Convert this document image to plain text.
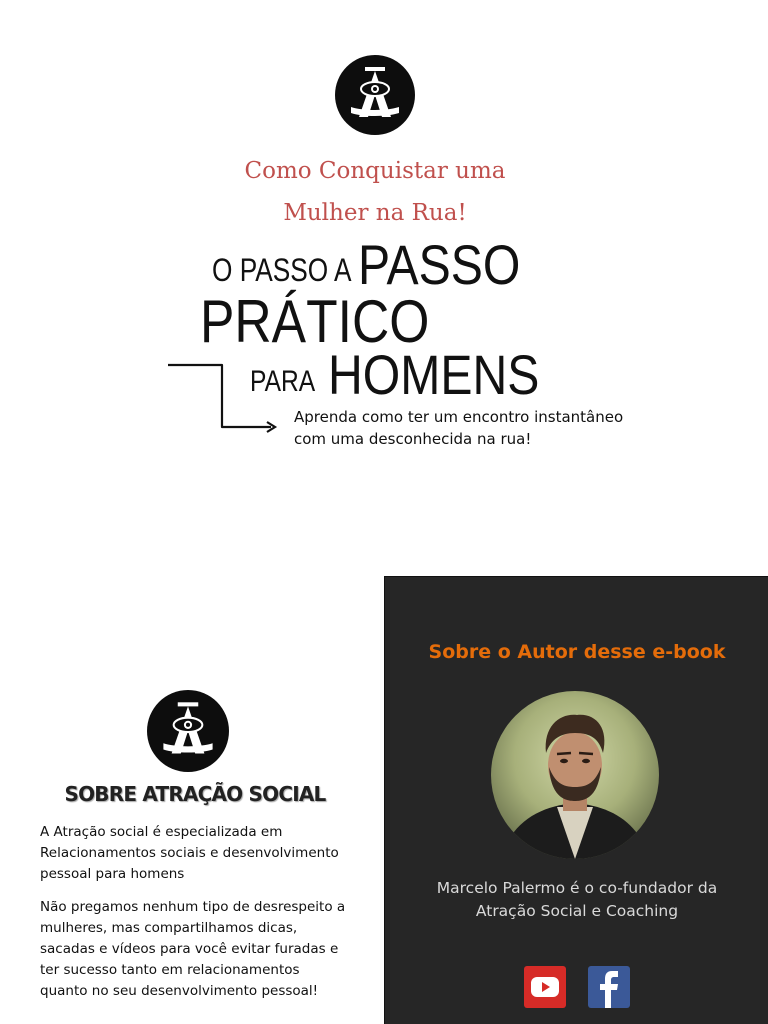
Como Conquistar uma
Mulher na Rua!
O PASSO A PASSO
PRÁTICO
PARA HOMENS
Aprenda como ter um encontro instantâneo
com uma desconhecida na rua!
SOBRE ATRAÇÃO SOCIAL
A Atração social é especializada em Relacionamentos sociais e desenvolvimento pessoal para homens
Não pregamos nenhum tipo de desrespeito a mulheres, mas compartilhamos dicas, sacadas e vídeos para você evitar furadas e ter sucesso tanto em relacionamentos quanto no seu desenvolvimento pessoal!
Sobre o Autor desse e-book
Marcelo Palermo é o co-fundador da
Atração Social e Coaching
